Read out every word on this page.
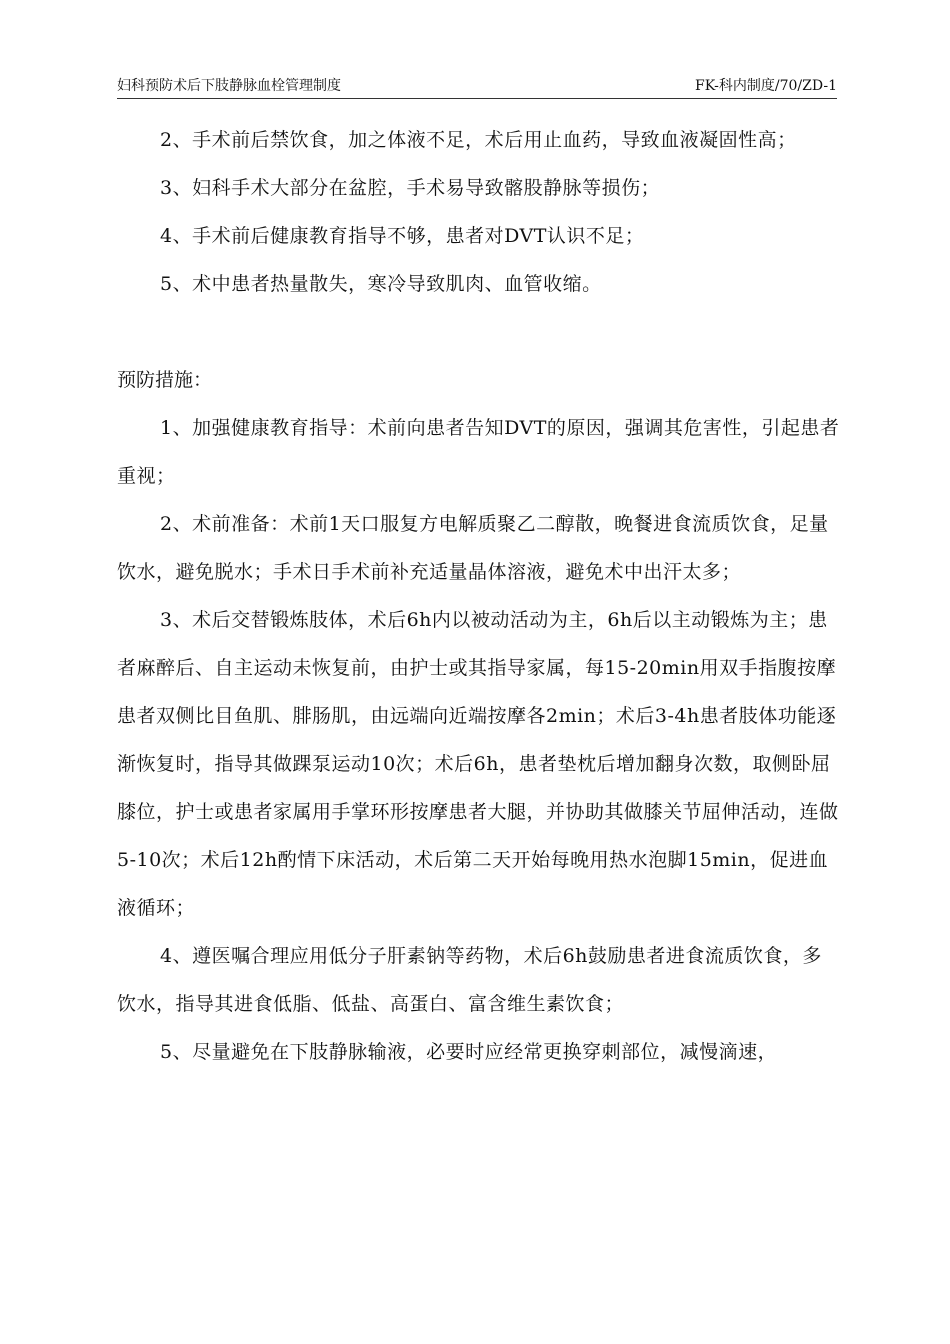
妇科预防术后下肢静脉血栓管理制度	FK-科内制度/70/ZD-1

2、手术前后禁饮食，加之体液不足，术后用止血药，导致血液凝固性高；

3、妇科手术大部分在盆腔，手术易导致髂股静脉等损伤；

4、手术前后健康教育指导不够，患者对DVT认识不足；

5、术中患者热量散失，寒冷导致肌肉、血管收缩。

预防措施：

1、加强健康教育指导：术前向患者告知DVT的原因，强调其危害性，引起患者重视；

2、术前准备：术前1天口服复方电解质聚乙二醇散，晚餐进食流质饮食，足量饮水，避免脱水；手术日手术前补充适量晶体溶液，避免术中出汗太多；

3、术后交替锻炼肢体，术后6h内以被动活动为主，6h后以主动锻炼为主；患者麻醉后、自主运动未恢复前，由护士或其指导家属，每15-20min用双手指腹按摩患者双侧比目鱼肌、腓肠肌，由远端向近端按摩各2min；术后3-4h患者肢体功能逐渐恢复时，指导其做踝泵运动10次；术后6h，患者垫枕后增加翻身次数，取侧卧屈膝位，护士或患者家属用手掌环形按摩患者大腿，并协助其做膝关节屈伸活动，连做5-10次；术后12h酌情下床活动，术后第二天开始每晚用热水泡脚15min，促进血液循环；

4、遵医嘱合理应用低分子肝素钠等药物，术后6h鼓励患者进食流质饮食，多饮水，指导其进食低脂、低盐、高蛋白、富含维生素饮食；

5、尽量避免在下肢静脉输液，必要时应经常更换穿刺部位，减慢滴速，
